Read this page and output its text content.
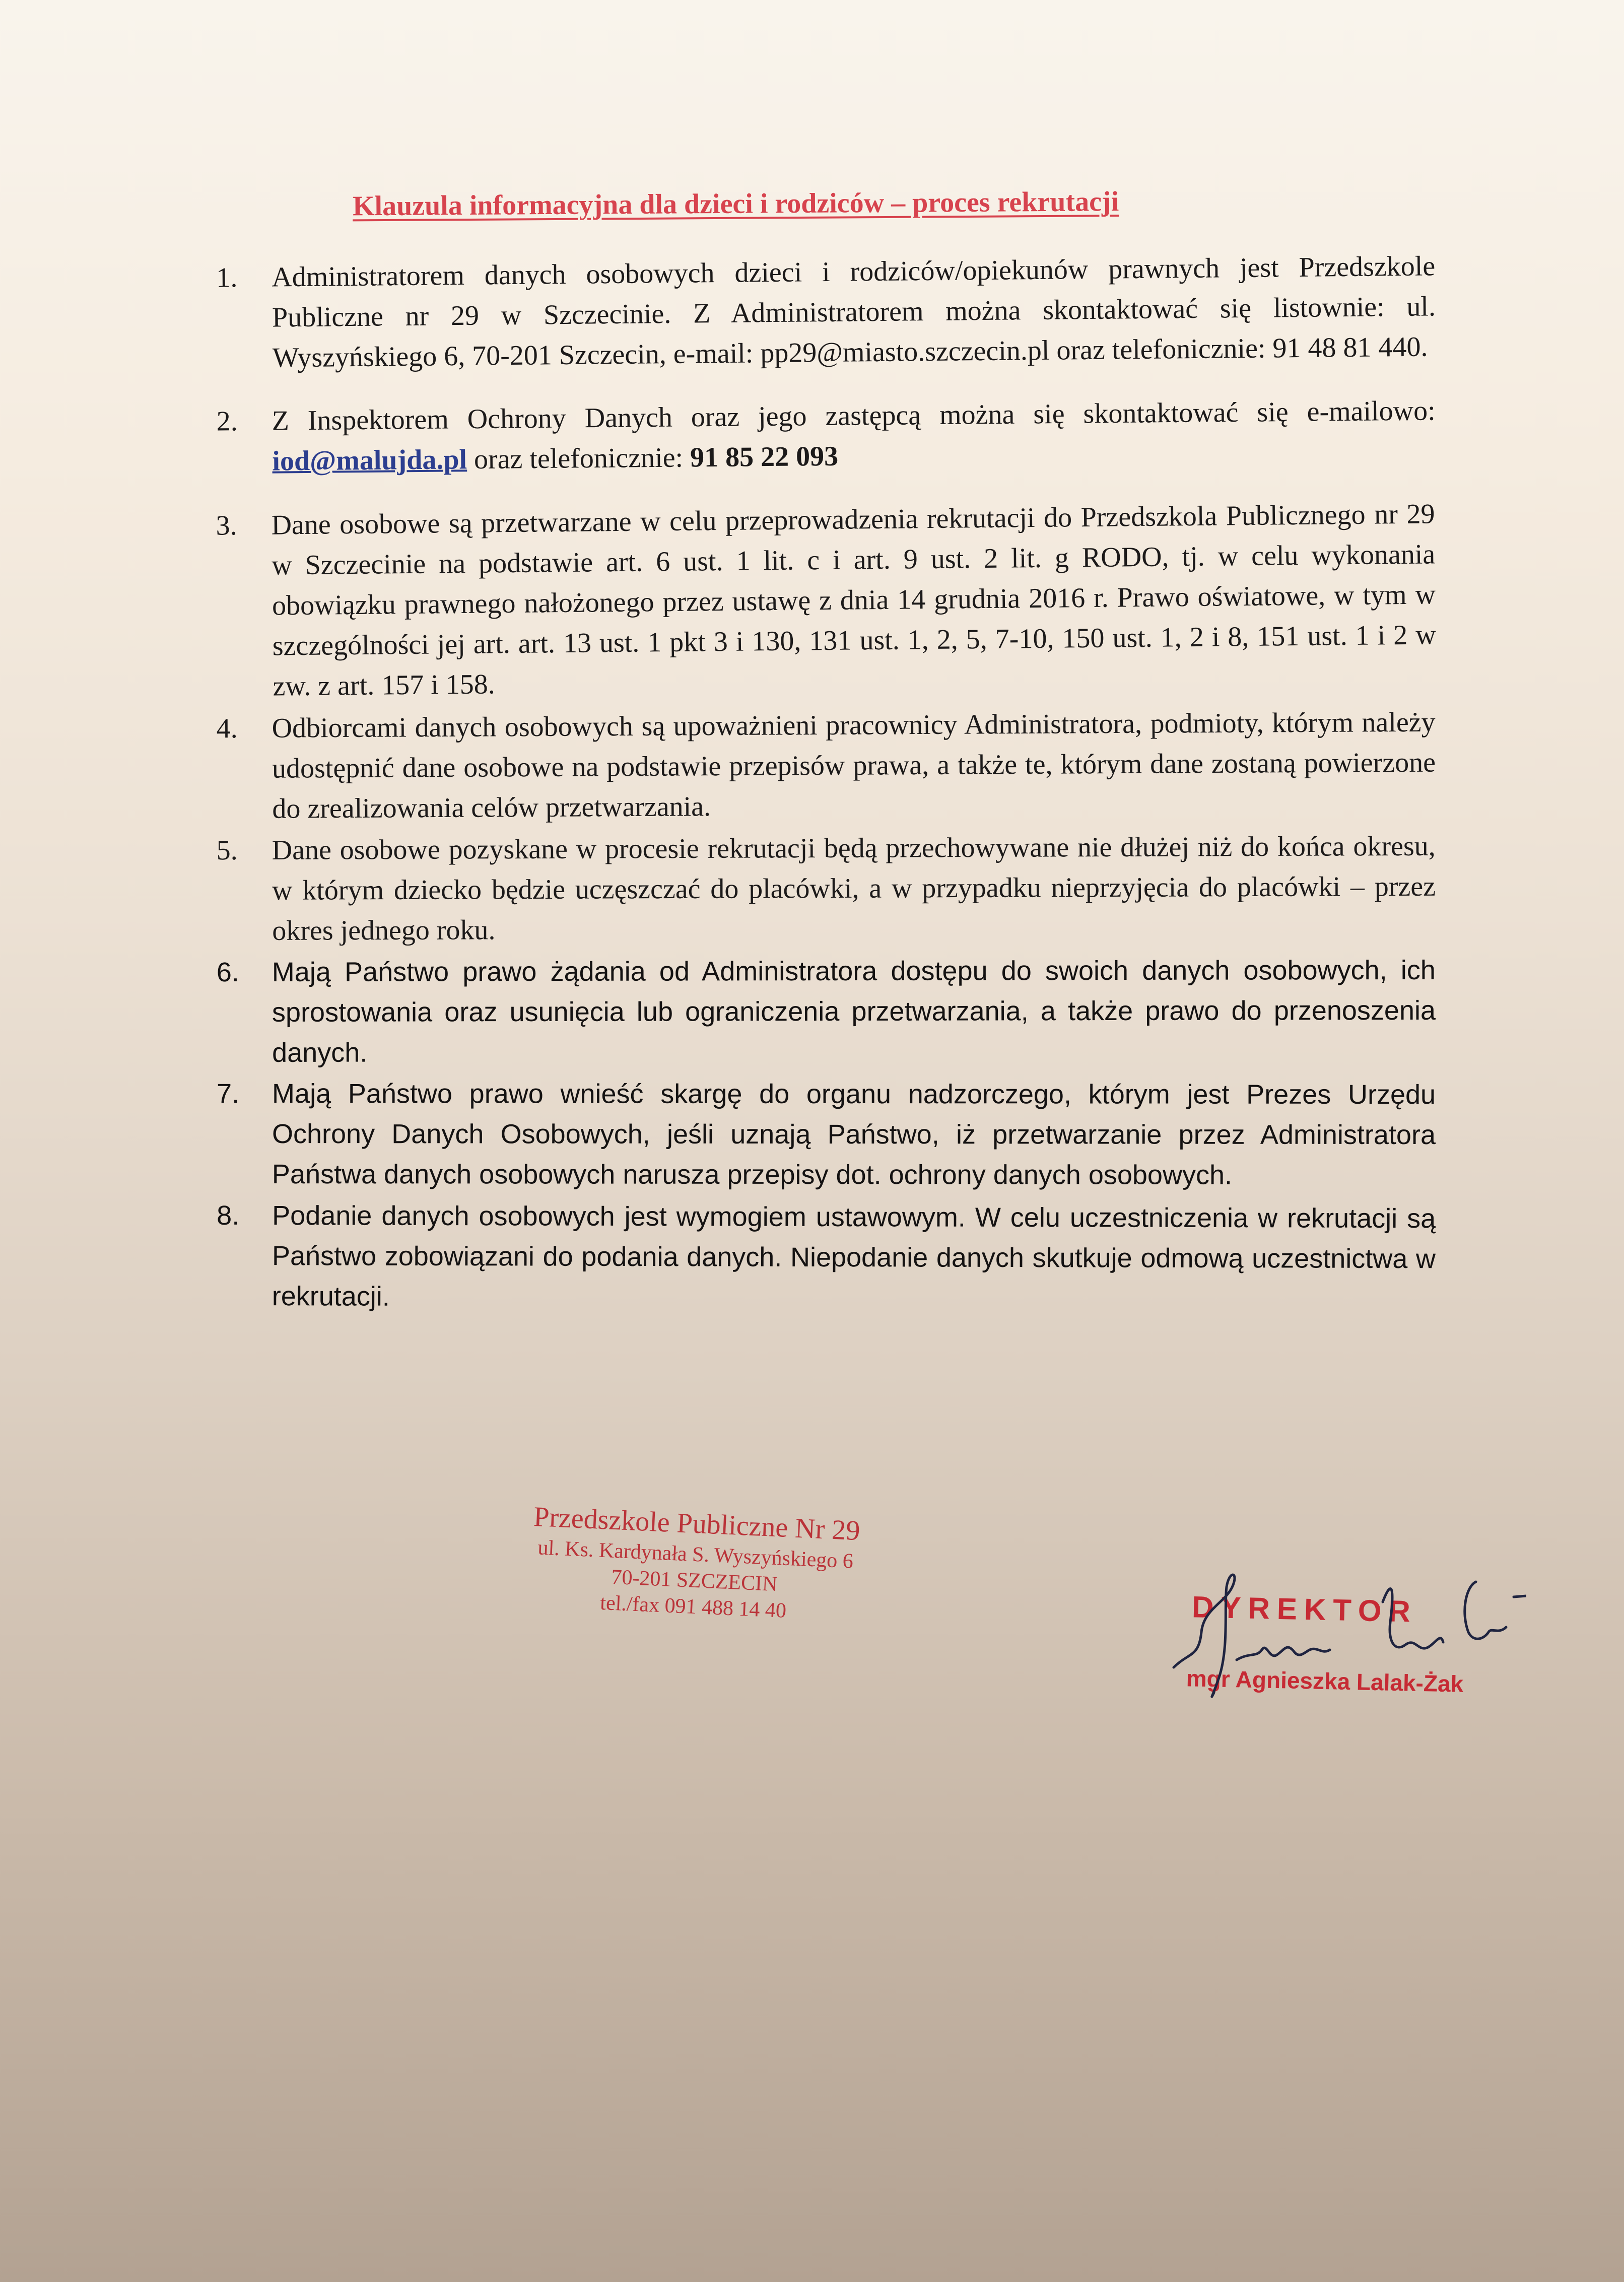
Klauzula informacyjna dla dzieci i rodziców – proces rekrutacji
1.	Administratorem danych osobowych dzieci i rodziców/opiekunów prawnych jest Przedszkole Publiczne nr 29 w Szczecinie. Z Administratorem można skontaktować się listownie: ul. Wyszyńskiego 6, 70-201 Szczecin, e-mail: pp29@miasto.szczecin.pl oraz telefonicznie: 91 48 81 440.
2.	Z Inspektorem Ochrony Danych oraz jego zastępcą można się skontaktować się e-mailowo: iod@malujda.pl oraz telefonicznie: 91 85 22 093
3.	Dane osobowe są przetwarzane w celu przeprowadzenia rekrutacji do Przedszkola Publicznego nr 29 w Szczecinie na podstawie art. 6 ust. 1 lit. c i art. 9 ust. 2 lit. g RODO, tj. w celu wykonania obowiązku prawnego nałożonego przez ustawę z dnia 14 grudnia 2016 r. Prawo oświatowe, w tym w szczególności jej art. art. 13 ust. 1 pkt 3 i 130, 131 ust. 1, 2, 5, 7-10, 150 ust. 1, 2 i 8, 151 ust. 1 i 2 w zw. z art. 157 i 158.
4.	Odbiorcami danych osobowych są upoważnieni pracownicy Administratora, podmioty, którym należy udostępnić dane osobowe na podstawie przepisów prawa, a także te, którym dane zostaną powierzone do zrealizowania celów przetwarzania.
5.	Dane osobowe pozyskane w procesie rekrutacji będą przechowywane nie dłużej niż do końca okresu, w którym dziecko będzie uczęszczać do placówki, a w przypadku nieprzyjęcia do placówki – przez okres jednego roku.
6.	Mają Państwo prawo żądania od Administratora dostępu do swoich danych osobowych, ich sprostowania oraz usunięcia lub ograniczenia przetwarzania, a także prawo do przenoszenia danych.
7.	Mają Państwo prawo wnieść skargę do organu nadzorczego, którym jest Prezes Urzędu Ochrony Danych Osobowych, jeśli uznają Państwo, iż przetwarzanie przez Administratora Państwa danych osobowych narusza przepisy dot. ochrony danych osobowych.
8.	Podanie danych osobowych jest wymogiem ustawowym. W celu uczestniczenia w rekrutacji są Państwo zobowiązani do podania danych. Niepodanie danych skutkuje odmową uczestnictwa w rekrutacji.
Przedszkole Publiczne Nr 29
ul. Ks. Kardynała S. Wyszyńskiego 6
70-201 SZCZECIN
tel./fax 091 488 14 40	DYREKTOR
mgr Agnieszka Lalak-Żak
